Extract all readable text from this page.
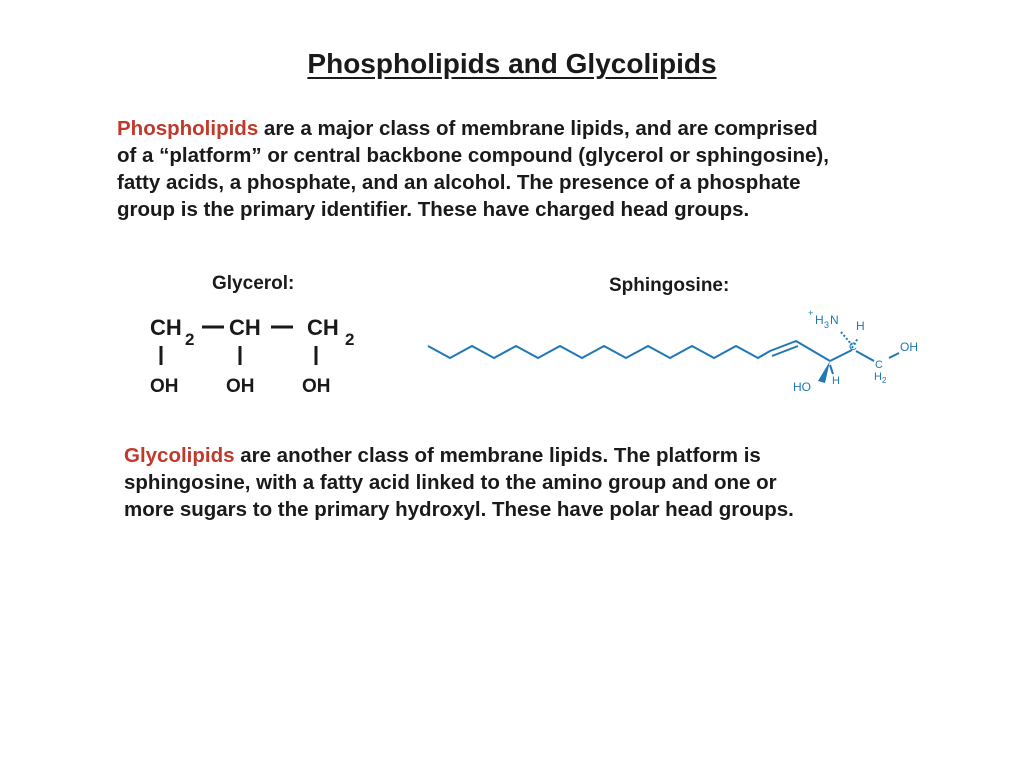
Phospholipids and Glycolipids

Phospholipids are a major class of membrane lipids, and are comprised
of a “platform” or central backbone compound (glycerol or sphingosine),
fatty acids, a phosphate, and an alcohol. The presence of a phosphate
group is the primary identifier. These have charged head groups.

Glycerol:	Sphingosine:
CH 2 CH CH 2
OH	OH	OH
+ H 3 N H
C
C
H 2
OH
HO H

Glycolipids are another class of membrane lipids. The platform is
sphingosine, with a fatty acid linked to the amino group and one or
more sugars to the primary hydroxyl. These have polar head groups.
